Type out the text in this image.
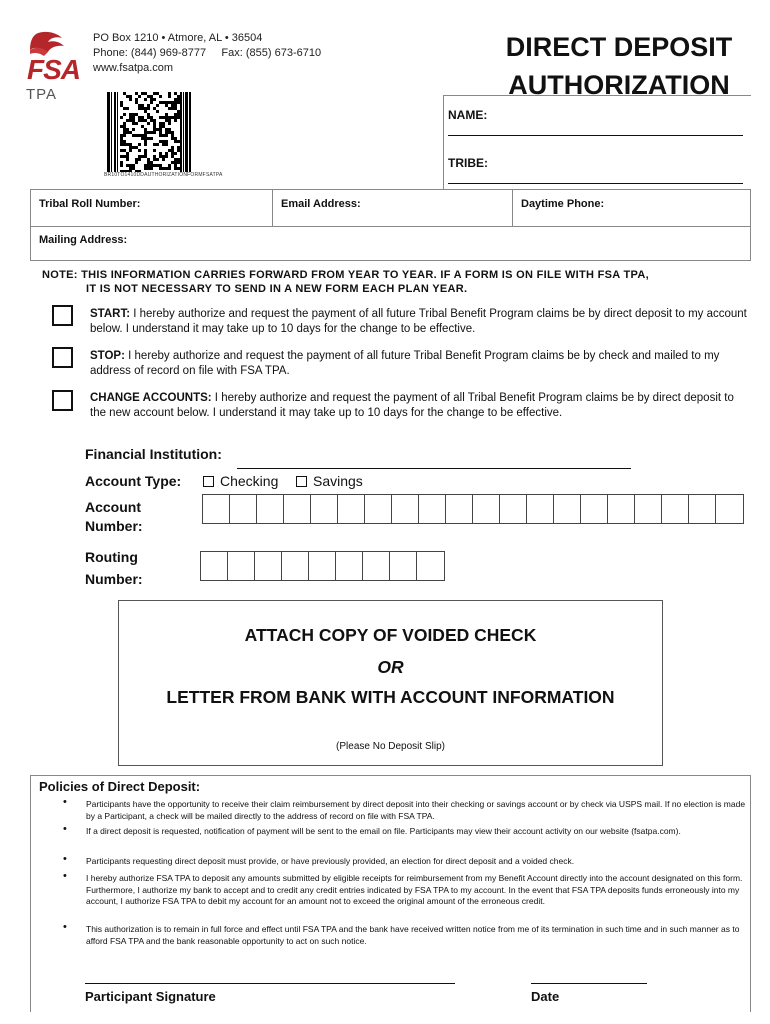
FSA
TPA
PO Box 1210 • Atmore, AL • 36504
Phone: (844) 969-8777     Fax: (855) 673-6710
www.fsatpa.com
BR10TO1410DDAUTHORIZATIONFORMFSATPA
DIRECT DEPOSIT
AUTHORIZATION
NAME:
TRIBE:
Tribal Roll Number:	Email Address:	Daytime Phone:
Mailing Address:
NOTE: THIS INFORMATION CARRIES FORWARD FROM YEAR TO YEAR. IF A FORM IS ON FILE WITH FSA TPA,
IT IS NOT NECESSARY TO SEND IN A NEW FORM EACH PLAN YEAR.
START: I hereby authorize and request the payment of all future Tribal Benefit Program claims be by direct deposit to my account below. I understand it may take up to 10 days for the change to be effective.
STOP: I hereby authorize and request the payment of all future Tribal Benefit Program claims be by check and mailed to my address of record on file with FSA TPA.
CHANGE ACCOUNTS: I hereby authorize and request the payment of all Tribal Benefit Program claims be by direct deposit to the new account below. I understand it may take up to 10 days for the change to be effective.
Financial Institution:
Account Type:	Checking Savings
Account
Number:
Routing
Number:
ATTACH COPY OF VOIDED CHECK
OR
LETTER FROM BANK WITH ACCOUNT INFORMATION
(Please No Deposit Slip)
Policies of Direct Deposit:
• Participants have the opportunity to receive their claim reimbursement by direct deposit into their checking or savings account or by check via USPS mail. If no election is made by a Participant, a check will be mailed directly to the address of record on file with FSA TPA.
• If a direct deposit is requested, notification of payment will be sent to the email on file. Participants may view their account activity on our website (fsatpa.com).
• Participants requesting direct deposit must provide, or have previously provided, an election for direct deposit and a voided check.
• I hereby authorize FSA TPA to deposit any amounts submitted by eligible receipts for reimbursement from my Benefit Account directly into the account designated on this form. Furthermore, I authorize my bank to accept and to credit any credit entries indicated by FSA TPA to my account. In the event that FSA TPA deposits funds erroneously into my account, I authorize FSA TPA to debit my account for an amount not to exceed the original amount of the erroneous credit.
• This authorization is to remain in full force and effect until FSA TPA and the bank have received written notice from me of its termination in such time and in such manner as to afford FSA TPA and the bank reasonable opportunity to act on such notice.
Participant Signature	Date
